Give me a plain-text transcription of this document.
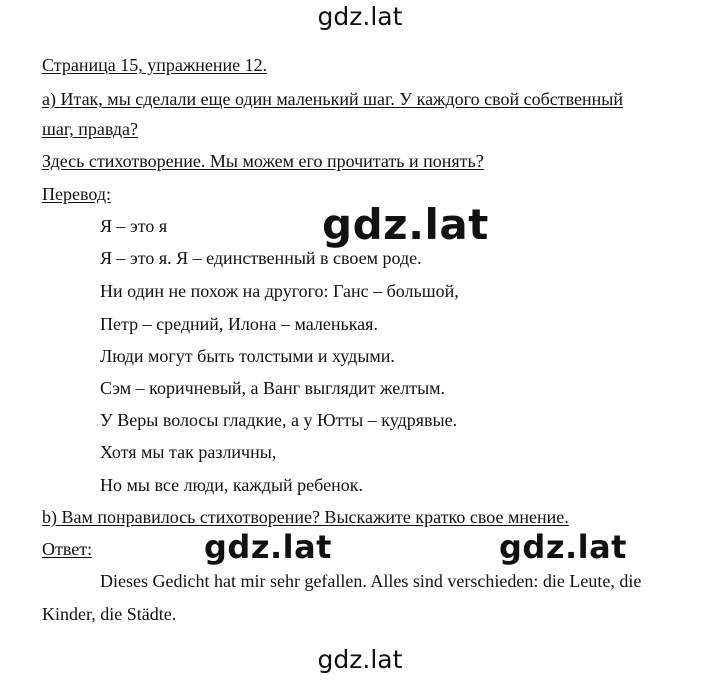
gdz.lat
Страница 15, упражнение 12.
а) Итак, мы сделали еще один маленький шаг. У каждого свой собственный
шаг, правда?
Здесь стихотворение. Мы можем его прочитать и понять?
Перевод:
Я – это я
Я – это я. Я – единственный в своем роде.
Ни один не похож на другого: Ганс – большой,
Петр – средний, Илона – маленькая.
Люди могут быть толстыми и худыми.
Сэм – коричневый, а Ванг выглядит желтым.
У Веры волосы гладкие, а у Ютты – кудрявые.
Хотя мы так различны,
Но мы все люди, каждый ребенок.
b) Вам понравилось стихотворение? Выскажите кратко свое мнение.
Ответ:
Dieses Gedicht hat mir sehr gefallen. Alles sind verschieden: die Leute, die
Kinder, die Städte.
gdz.lat
gdz.lat	gdz.lat
gdz.lat
